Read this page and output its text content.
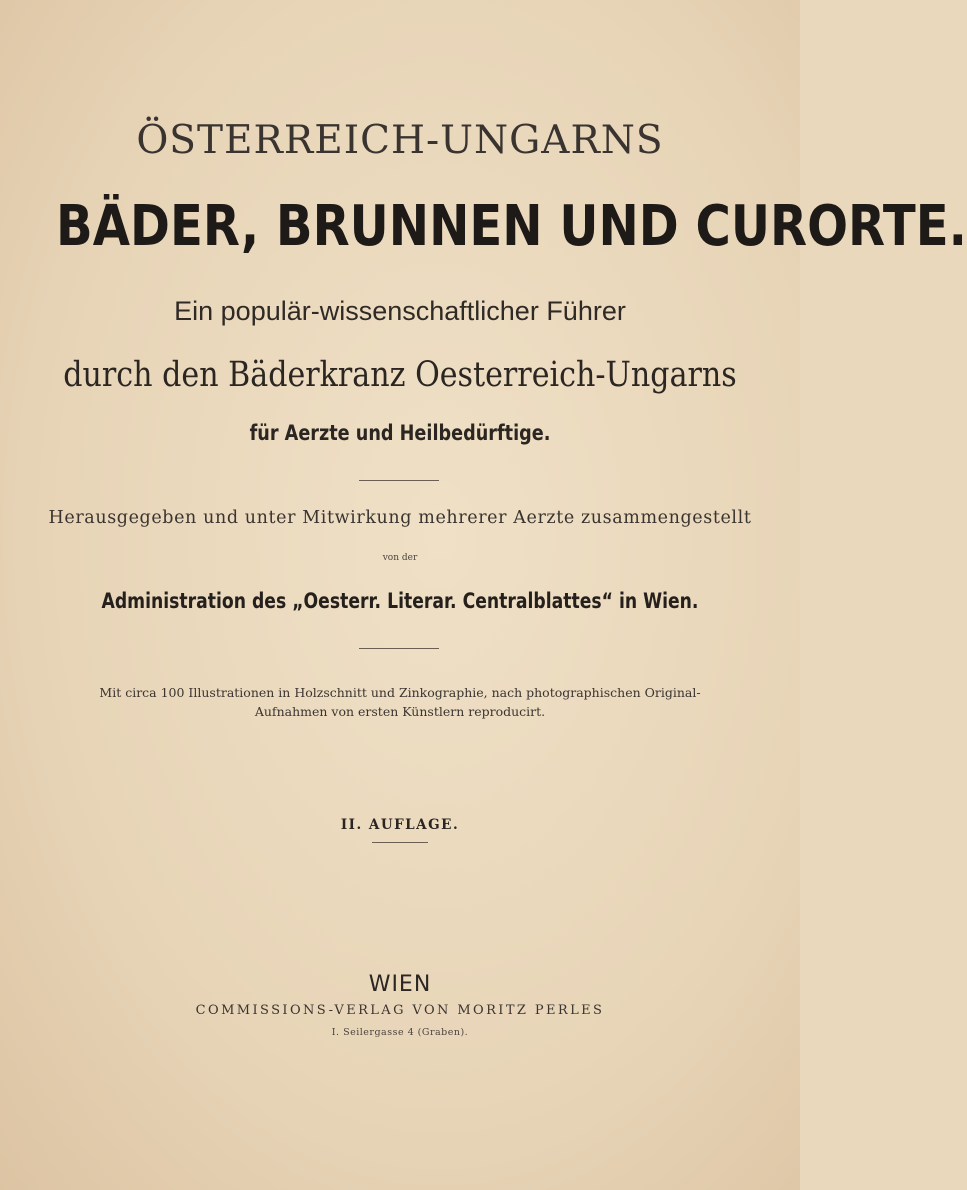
ÖSTERREICH-UNGARNS
BÄDER, BRUNNEN UND CURORTE.
Ein populär-wissenschaftlicher Führer
durch den Bäderkranz Oesterreich-Ungarns
für Aerzte und Heilbedürftige.
Herausgegeben und unter Mitwirkung mehrerer Aerzte zusammengestellt
von der
Administration des „Oesterr. Literar. Centralblattes“ in Wien.
Mit circa 100 Illustrationen in Holzschnitt und Zinkographie, nach photographischen Original-
Aufnahmen von ersten Künstlern reproducirt.
II. AUFLAGE.
WIEN
COMMISSIONS-VERLAG VON MORITZ PERLES
I. Seilergasse 4 (Graben).
